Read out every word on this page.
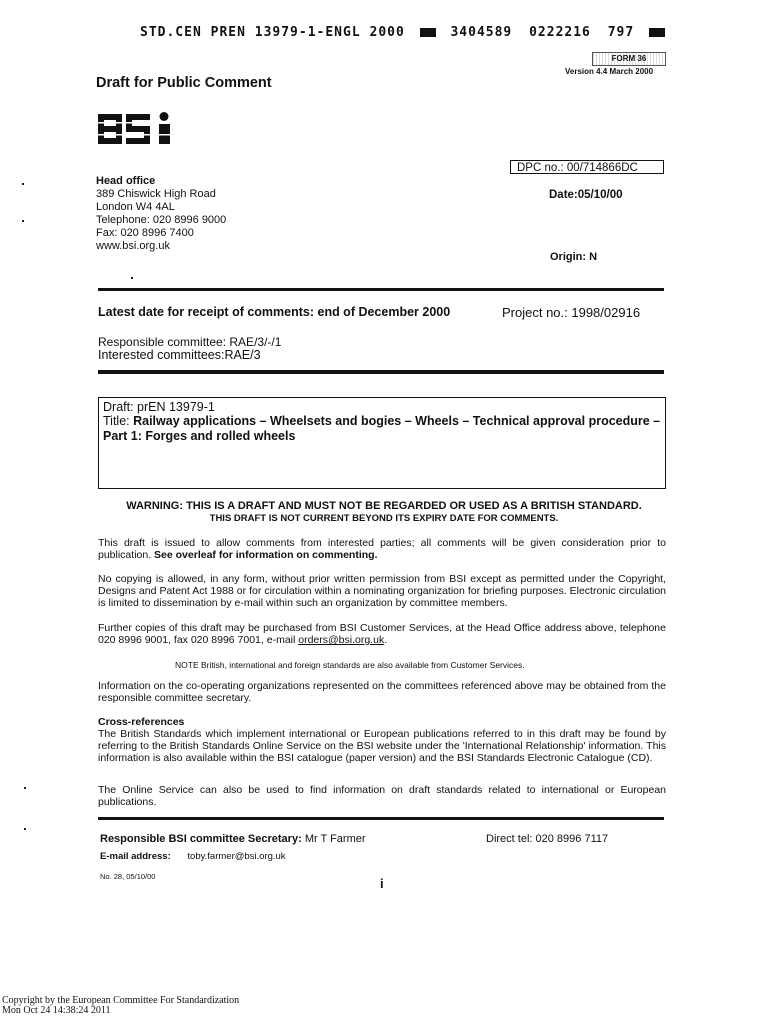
STD.CEN PREN 13979-1-ENGL 2000	3404589 0222216 797
FORM 36
Version 4.4 March 2000
Draft for Public Comment
Head office
389 Chiswick High Road
London W4 4AL
Telephone: 020 8996 9000
Fax: 020 8996 7400
www.bsi.org.uk
DPC no.: 00/714866DC
Date:05/10/00
Origin: N
Latest date for receipt of comments: end of December 2000	Project no.: 1998/02916
Responsible committee: RAE/3/-/1
Interested committees:RAE/3
Draft: prEN 13979-1
Title: Railway applications – Wheelsets and bogies – Wheels – Technical approval procedure – Part 1: Forges and rolled wheels
WARNING: THIS IS A DRAFT AND MUST NOT BE REGARDED OR USED AS A BRITISH STANDARD.
THIS DRAFT IS NOT CURRENT BEYOND ITS EXPIRY DATE FOR COMMENTS.
This draft is issued to allow comments from interested parties; all comments will be given consideration prior to publication. See overleaf for information on commenting.
No copying is allowed, in any form, without prior written permission from BSI except as permitted under the Copyright, Designs and Patent Act 1988 or for circulation within a nominating organization for briefing purposes. Electronic circulation is limited to dissemination by e-mail within such an organization by committee members.
Further copies of this draft may be purchased from BSI Customer Services, at the Head Office address above, telephone 020 8996 9001, fax 020 8996 7001, e-mail orders@bsi.org.uk.
NOTE British, international and foreign standards are also available from Customer Services.
Information on the co-operating organizations represented on the committees referenced above may be obtained from the responsible committee secretary.
Cross-references
The British Standards which implement international or European publications referred to in this draft may be found by referring to the British Standards Online Service on the BSI website under the 'International Relationship' information. This information is also available within the BSI catalogue (paper version) and the BSI Standards Electronic Catalogue (CD).
The Online Service can also be used to find information on draft standards related to international or European publications.
Responsible BSI committee Secretary: Mr T Farmer	Direct tel: 020 8996 7117
E-mail address: toby.farmer@bsi.org.uk
No. 28, 05/10/00	i
Copyright by the European Committee For Standardization
Mon Oct 24 14:38:24 2011
